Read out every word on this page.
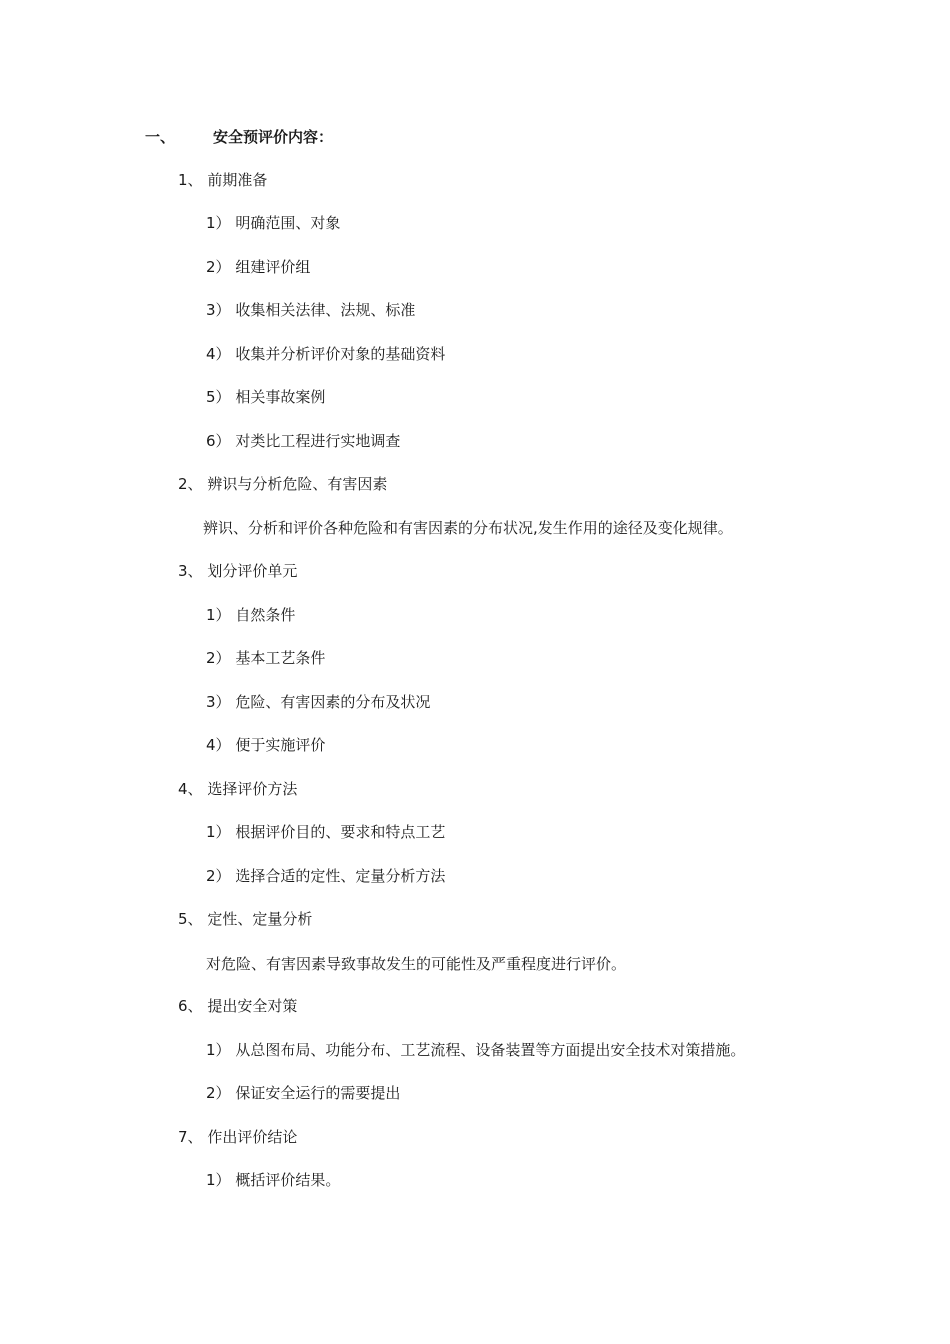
一、	安全预评价内容：
1、 前期准备
1） 明确范围、对象
2） 组建评价组
3） 收集相关法律、法规、标准
4） 收集并分析评价对象的基础资料
5） 相关事故案例
6） 对类比工程进行实地调查
2、 辨识与分析危险、有害因素
辨识、分析和评价各种危险和有害因素的分布状况,发生作用的途径及变化规律。
3、 划分评价单元
1） 自然条件
2） 基本工艺条件
3） 危险、有害因素的分布及状况
4） 便于实施评价
4、 选择评价方法
1） 根据评价目的、要求和特点工艺
2） 选择合适的定性、定量分析方法
5、 定性、定量分析
对危险、有害因素导致事故发生的可能性及严重程度进行评价。
6、 提出安全对策
1） 从总图布局、功能分布、工艺流程、设备装置等方面提出安全技术对策措施。
2） 保证安全运行的需要提出
7、 作出评价结论
1） 概括评价结果。
